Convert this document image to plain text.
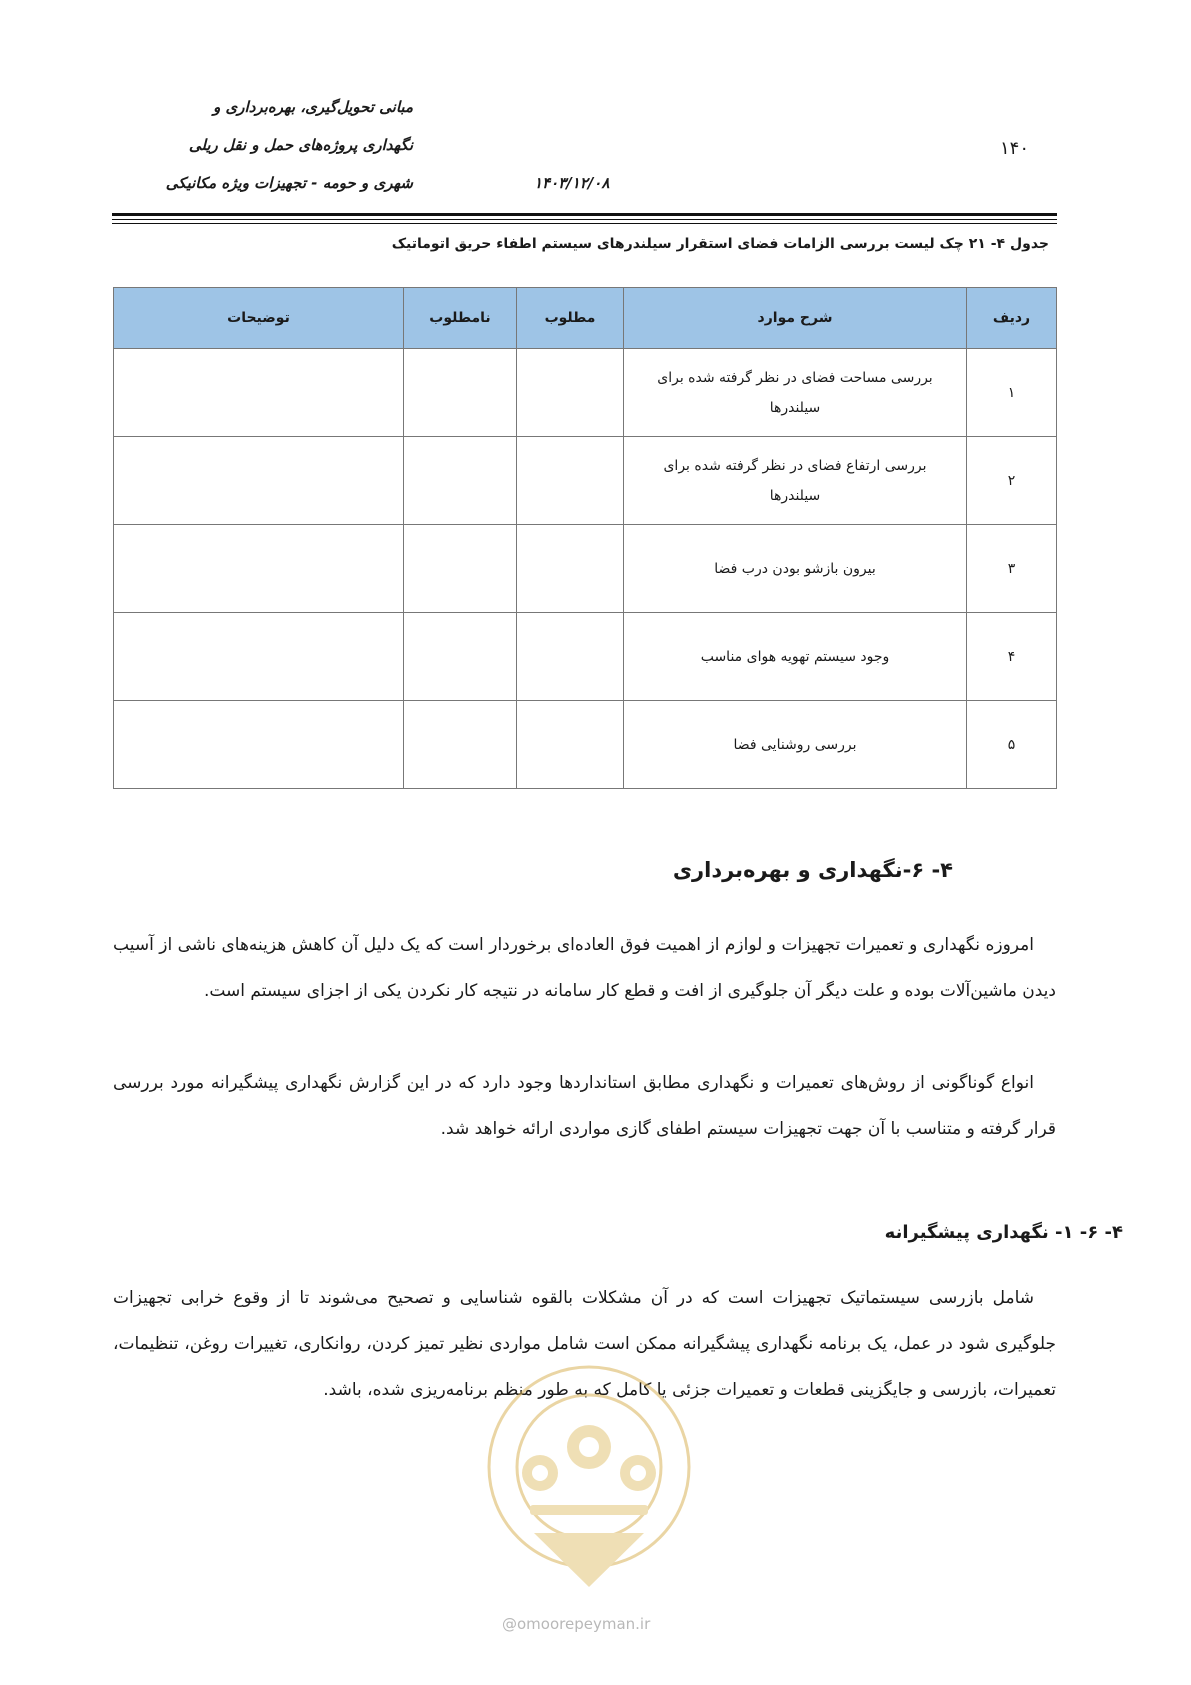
مبانی تحویل‌گیری، بهره‌برداری و
نگهداری پروژه‌های حمل و نقل ریلی
شهری و حومه - تجهیزات ویژه مکانیکی	۱۴۰۳/۱۲/۰۸
۱۴۰
جدول ۴- ۲۱ چک لیست بررسی الزامات فضای استقرار سیلندرهای سیستم اطفاء حریق اتوماتیک
ردیف	شرح موارد	مطلوب	نامطلوب	توضیحات
۱	بررسی مساحت فضای در نظر گرفته شده برای سیلندرها			
۲	بررسی ارتفاع فضای در نظر گرفته شده برای سیلندرها			
۳	بیرون بازشو بودن درب فضا			
۴	وجود سیستم تهویه هوای مناسب			
۵	بررسی روشنایی فضا			
۴- ۶-نگهداری و بهره‌برداری

امروزه نگهداری و تعمیرات تجهیزات و لوازم از اهمیت فوق العاده‌ای برخوردار است که یک دلیل آن کاهش هزینه‌های ناشی از آسیب دیدن ماشین‌آلات بوده و علت دیگر آن جلوگیری از افت و قطع کار سامانه در نتیجه کار نکردن یکی از اجزای سیستم است.

انواع گوناگونی از روش‌های تعمیرات و نگهداری مطابق استانداردها وجود دارد که در این گزارش نگهداری پیشگیرانه مورد بررسی قرار گرفته و متناسب با آن جهت تجهیزات سیستم اطفای گازی مواردی ارائه خواهد شد.

۴- ۶- ۱- نگهداری پیشگیرانه

شامل بازرسی سیستماتیک تجهیزات است که در آن مشکلات بالقوه شناسایی و تصحیح می‌شوند تا از وقوع خرابی تجهیزات جلوگیری شود در عمل، یک برنامه نگهداری پیشگیرانه ممکن است شامل مواردی نظیر تمیز کردن، روانکاری، تغییرات روغن، تنظیمات، تعمیرات، بازرسی و جایگزینی قطعات و تعمیرات جزئی یا کامل که به طور منظم برنامه‌ریزی شده، باشد.

@omoorepeyman.ir
